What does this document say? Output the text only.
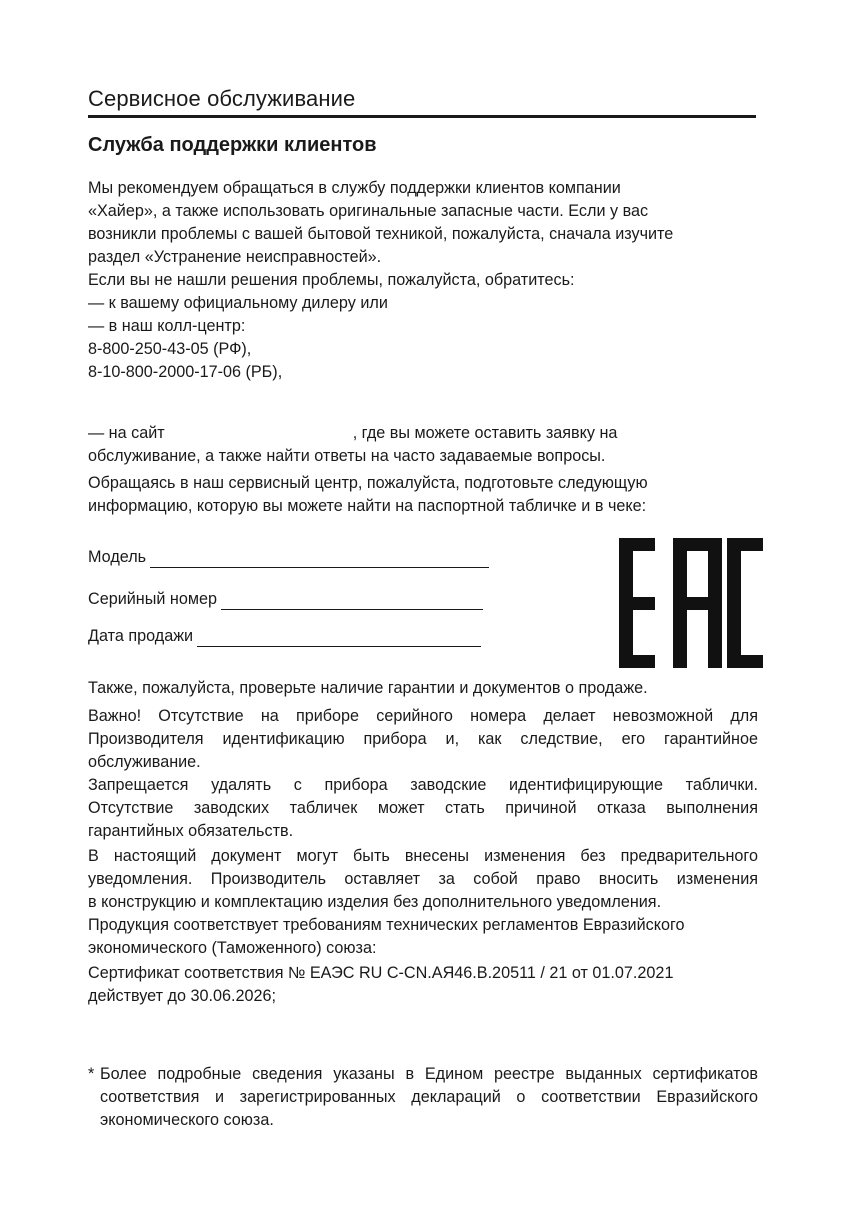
Сервисное обслуживание
Служба поддержки клиентов
Мы рекомендуем обращаться в службу поддержки клиентов компании
«Хайер», а также использовать оригинальные запасные части. Если у вас
возникли проблемы с вашей бытовой техникой, пожалуйста, сначала изучите
раздел «Устранение неисправностей».
Если вы не нашли решения проблемы, пожалуйста, обратитесь:
— к вашему официальному дилеру или
— в наш колл-центр:
8-800-250-43-05 (РФ),
8-10-800-2000-17-06 (РБ),
— на сайт	, где вы можете оставить заявку на
обслуживание, а также найти ответы на часто задаваемые вопросы.
Обращаясь в наш сервисный центр, пожалуйста, подготовьте следующую
информацию, которую вы можете найти на паспортной табличке и в чеке:
Модель
Серийный номер
Дата продажи
Также, пожалуйста, проверьте наличие гарантии и документов о продаже.
Важно! Отсутствие на приборе серийного номера делает невозможной для
Производителя идентификацию прибора и, как следствие, его гарантийное
обслуживание.
Запрещается удалять с прибора заводские идентифицирующие таблички.
Отсутствие заводских табличек может стать причиной отказа выполнения
гарантийных обязательств.
В настоящий документ могут быть внесены изменения без предварительного
уведомления. Производитель оставляет за собой право вносить изменения
в конструкцию и комплектацию изделия без дополнительного уведомления.
Продукция соответствует требованиям технических регламентов Евразийского
экономического (Таможенного) союза:
Сертификат соответствия № ЕАЭС RU C-CN.АЯ46.В.20511 / 21 от 01.07.2021
действует до 30.06.2026;
* Более подробные сведения указаны в Едином реестре выданных сертификатов
соответствия и зарегистрированных деклараций о соответствии Евразийского
экономического союза.
